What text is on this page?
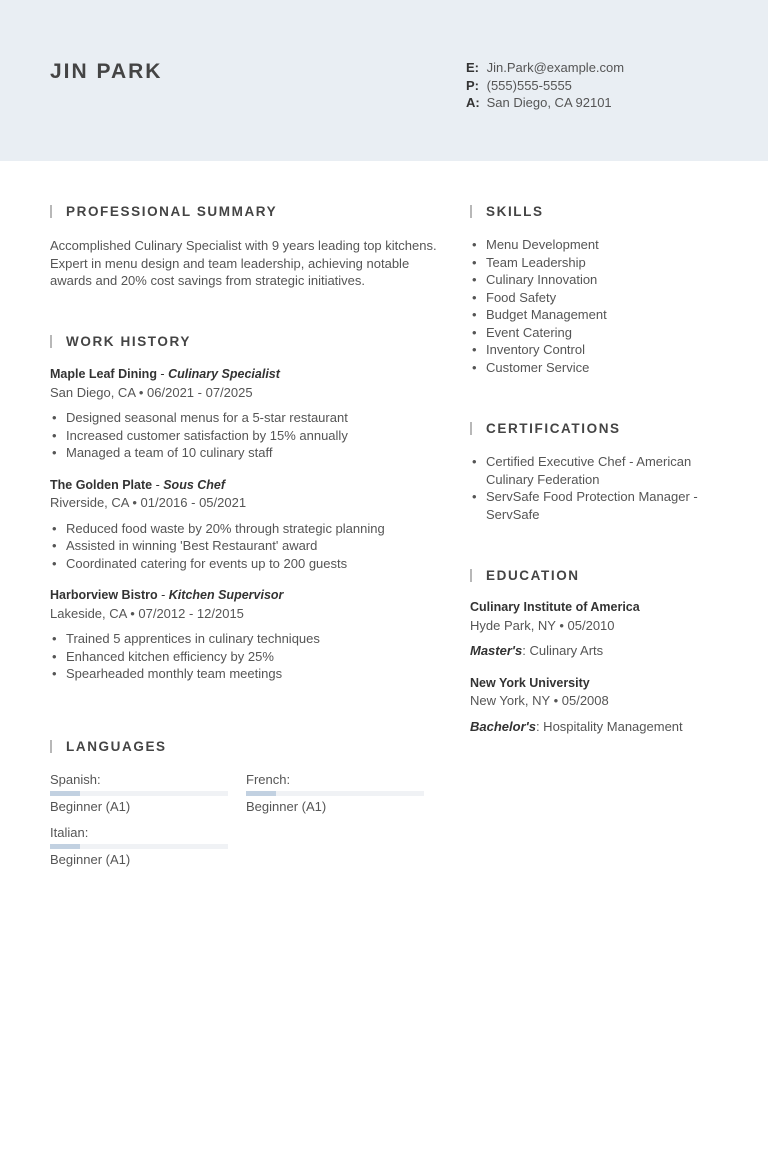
JIN PARK	E: Jin.Park@example.com
P: (555)555-5555
A: San Diego, CA 92101
PROFESSIONAL SUMMARY
Accomplished Culinary Specialist with 9 years leading top kitchens.
Expert in menu design and team leadership, achieving notable
awards and 20% cost savings from strategic initiatives.
WORK HISTORY
Maple Leaf Dining - Culinary Specialist
San Diego, CA • 06/2021 - 07/2025
• Designed seasonal menus for a 5-star restaurant
• Increased customer satisfaction by 15% annually
• Managed a team of 10 culinary staff
The Golden Plate - Sous Chef
Riverside, CA • 01/2016 - 05/2021
• Reduced food waste by 20% through strategic planning
• Assisted in winning 'Best Restaurant' award
• Coordinated catering for events up to 200 guests
Harborview Bistro - Kitchen Supervisor
Lakeside, CA • 07/2012 - 12/2015
• Trained 5 apprentices in culinary techniques
• Enhanced kitchen efficiency by 25%
• Spearheaded monthly team meetings
LANGUAGES
Spanish:
Beginner (A1)
French:
Beginner (A1)
Italian:
Beginner (A1)
SKILLS
• Menu Development
• Team Leadership
• Culinary Innovation
• Food Safety
• Budget Management
• Event Catering
• Inventory Control
• Customer Service
CERTIFICATIONS
• Certified Executive Chef - American
Culinary Federation
• ServSafe Food Protection Manager -
ServSafe
EDUCATION
Culinary Institute of America
Hyde Park, NY • 05/2010
Master's: Culinary Arts
New York University
New York, NY • 05/2008
Bachelor's: Hospitality Management
